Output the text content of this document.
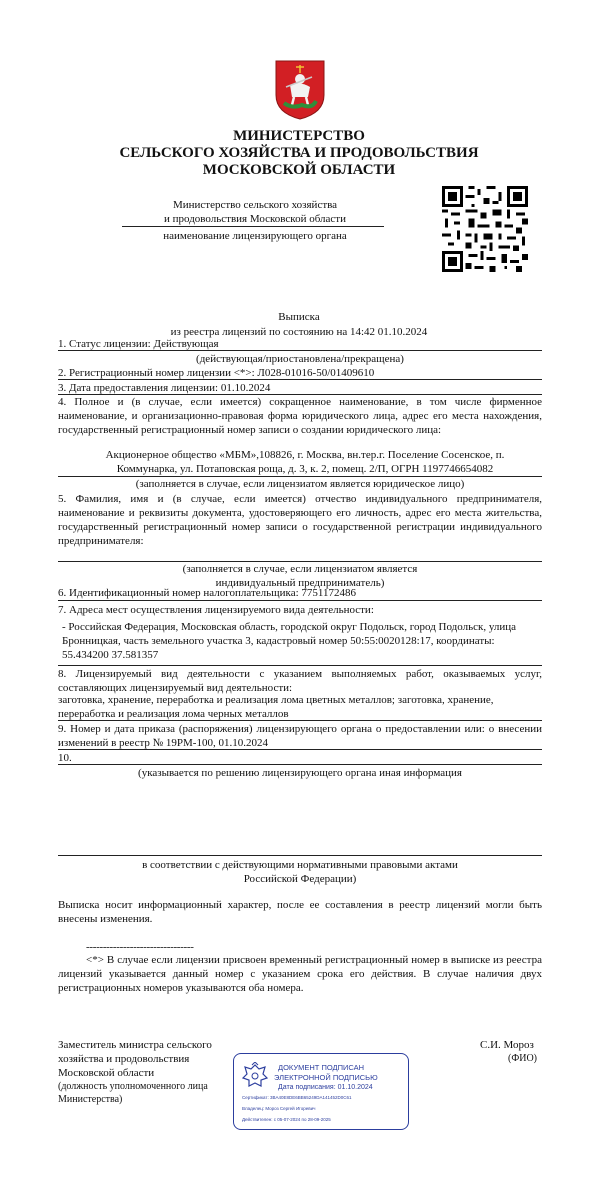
МИНИСТЕРСТВО
СЕЛЬСКОГО ХОЗЯЙСТВА И ПРОДОВОЛЬСТВИЯ
МОСКОВСКОЙ ОБЛАСТИ
Министерство сельского хозяйства
и продовольствия Московской области
наименование лицензирующего органа
Выписка
из реестра лицензий по состоянию на 14:42 01.10.2024
1. Статус лицензии: Действующая
(действующая/приостановлена/прекращена)
2. Регистрационный номер лицензии <*>: Л028-01016-50/01409610
3. Дата предоставления лицензии: 01.10.2024
4. Полное и (в случае, если имеется) сокращенное наименование, в том числе фирменное наименование, и организационно-правовая форма юридического лица, адрес его места нахождения, государственный регистрационный номер записи о создании юридического лица:
Акционерное общество «МБМ»,108826, г. Москва, вн.тер.г. Поселение Сосенское, п. Коммунарка, ул. Потаповская роща, д. 3, к. 2, помещ. 2/П, ОГРН 1197746654082
(заполняется в случае, если лицензиатом является юридическое лицо)
5. Фамилия, имя и (в случае, если имеется) отчество индивидуального предпринимателя, наименование и реквизиты документа, удостоверяющего его личность, адрес его места жительства, государственный регистрационный номер записи о государственной регистрации индивидуального предпринимателя:
(заполняется в случае, если лицензиатом является индивидуальный предприниматель)
6. Идентификационный номер налогоплательщика: 7751172486
7. Адреса мест осуществления лицензируемого вида деятельности:
- Российская Федерация, Московская область, городской округ Подольск, город Подольск, улица Бронницкая, часть земельного участка 3, кадастровый номер 50:55:0020128:17, координаты: 55.434200 37.581357
8. Лицензируемый вид деятельности с указанием выполняемых работ, оказываемых услуг, составляющих лицензируемый вид деятельности:
заготовка, хранение, переработка и реализация лома цветных металлов; заготовка, хранение, переработка и реализация лома черных металлов
9. Номер и дата приказа (распоряжения) лицензирующего органа о предоставлении или: о внесении изменений в реестр № 19РМ-100, 01.10.2024
10.
(указывается по решению лицензирующего органа иная информация
в соответствии с действующими нормативными правовыми актами Российской Федерации)
Выписка носит информационный характер, после ее составления в реестр лицензий могли быть внесены изменения.
--------------------------------
<*> В случае если лицензии присвоен временный регистрационный номер в выписке из реестра лицензий указывается данный номер с указанием срока его действия. В случае наличия двух регистрационных номеров указываются оба номера.
Заместитель министра сельского
хозяйства и продовольствия
Московской области
(должность уполномоченного лица Министерства)
С.И. Мороз
(ФИО)
ДОКУМЕНТ ПОДПИСАН
ЭЛЕКТРОННОЙ ПОДПИСЬЮ
Дата подписания: 01.10.2024
Сертификат: 3BA40E8DE6BB65249DA141452D0C61
Владелец: Мороз Сергей Игоревич
Действителен: с 05-07-2024 по 28-09-2025
